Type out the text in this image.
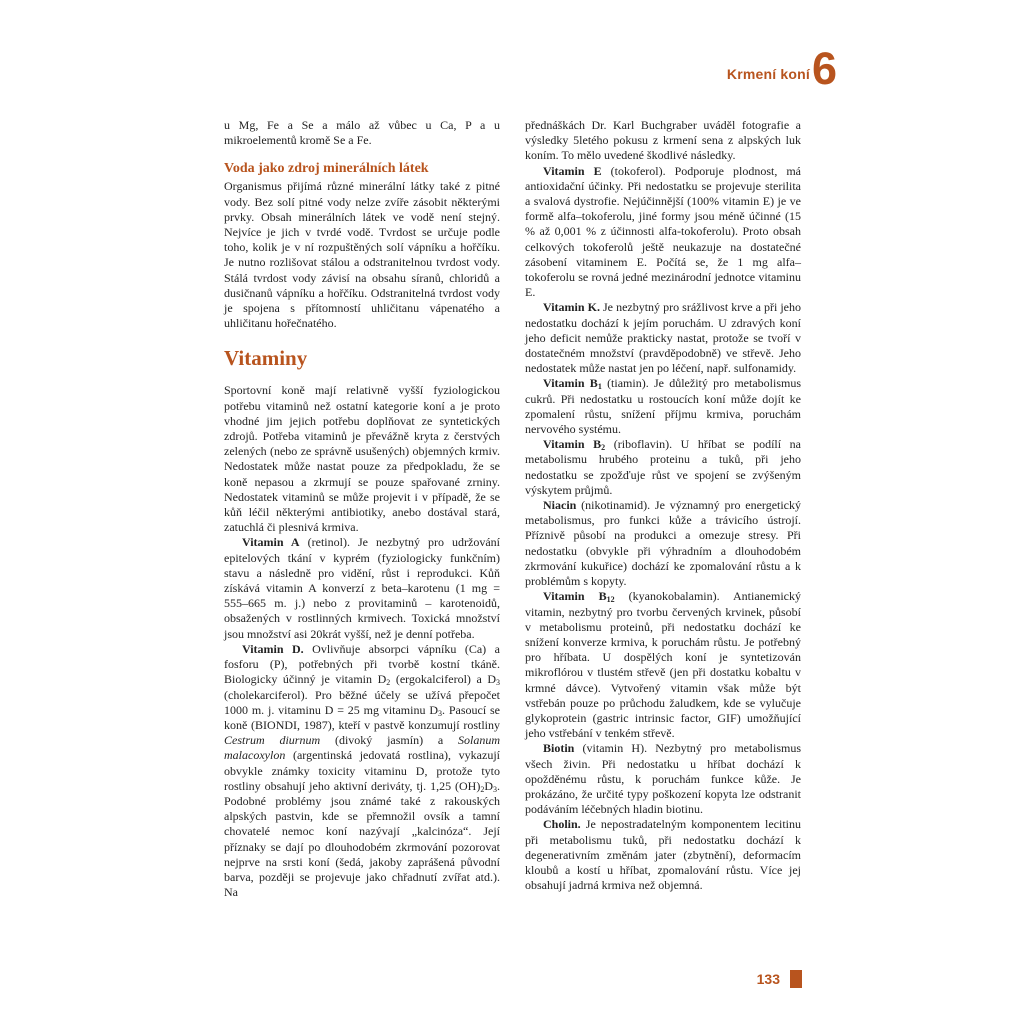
Krmení koní 6

u Mg, Fe a Se a málo až vůbec u Ca, P a u mikroelementů kromě Se a Fe.

Voda jako zdroj minerálních látek

Organismus přijímá různé minerální látky také z pitné vody. Bez solí pitné vody nelze zvíře zásobit některými prvky. Obsah minerálních látek ve vodě není stejný. Nejvíce je jich v tvrdé vodě. Tvrdost se určuje podle toho, kolik je v ní rozpuštěných solí vápníku a hořčíku. Je nutno rozlišovat stálou a odstranitelnou tvrdost vody. Stálá tvrdost vody závisí na obsahu síranů, chloridů a dusičnanů vápníku a hořčíku. Odstranitelná tvrdost vody je spojena s přítomností uhličitanu vápenatého a uhličitanu hořečnatého.

Vitaminy

Sportovní koně mají relativně vyšší fyziologickou potřebu vitaminů než ostatní kategorie koní a je proto vhodné jim jejich potřebu doplňovat ze syntetických zdrojů. Potřeba vitaminů je převážně kryta z čerstvých zelených (nebo ze správně usušených) objemných krmiv. Nedostatek může nastat pouze za předpokladu, že se koně nepasou a zkrmují se pouze spařované zrniny. Nedostatek vitaminů se může projevit i v případě, že se kůň léčil některými antibiotiky, anebo dostával stará, zatuchlá či plesnivá krmiva.

Vitamin A (retinol). Je nezbytný pro udržování epitelových tkání v kyprém (fyziologicky funkčním) stavu a následně pro vidění, růst i reprodukci. Kůň získává vitamin A konverzí z beta–karotenu (1 mg = 555–665 m. j.) nebo z provitaminů – karotenoidů, obsažených v rostlinných krmivech. Toxická množství jsou množství asi 20krát vyšší, než je denní potřeba.

Vitamin D. Ovlivňuje absorpci vápníku (Ca) a fosforu (P), potřebných při tvorbě kostní tkáně. Biologicky účinný je vitamin $D_2$ (ergokalciferol) a $D_3$ (cholekarciferol). Pro běžné účely se užívá přepočet 1000 m. j. vitaminu D = 25 mg vitaminu $D_3$. Pasoucí se koně (BIONDI, 1987), kteří v pastvě konzumují rostliny Cestrum diurnum (divoký jasmín) a Solanum malacoxylon (argentinská jedovatá rostlina), vykazují obvykle známky toxicity vitaminu D, protože tyto rostliny obsahují jeho aktivní deriváty, tj. 1,25 $(OH)_2D_3$. Podobné problémy jsou známé také z rakouských alpských pastvin, kde se přemnožil ovsík a tamní chovatelé nemoc koní nazývají „kalcinóza“. Její příznaky se dají po dlouhodobém zkrmování pozorovat nejprve na srsti koní (šedá, jakoby zaprášená původní barva, později se projevuje jako chřadnutí zvířat atd.). Na

přednáškách Dr. Karl Buchgraber uváděl fotografie a výsledky 5letého pokusu z krmení sena z alpských luk koním. To mělo uvedené škodlivé následky.

Vitamin E (tokoferol). Podporuje plodnost, má antioxidační účinky. Při nedostatku se projevuje sterilita a svalová dystrofie. Nejúčinnější (100% vitamin E) je ve formě alfa–tokoferolu, jiné formy jsou méně účinné (15 % až 0,001 % z účinnosti alfa-tokoferolu). Proto obsah celkových tokoferolů ještě neukazuje na dostatečné zásobení vitaminem E. Počítá se, že 1 mg alfa–tokoferolu se rovná jedné mezinárodní jednotce vitaminu E.

Vitamin K. Je nezbytný pro srážlivost krve a při jeho nedostatku dochází k jejím poruchám. U zdravých koní jeho deficit nemůže prakticky nastat, protože se tvoří v dostatečném množství (pravděpodobně) ve střevě. Jeho nedostatek může nastat jen po léčení, např. sulfonamidy.

Vitamin $B_1$ (tiamin). Je důležitý pro metabolismus cukrů. Při nedostatku u rostoucích koní může dojít ke zpomalení růstu, snížení příjmu krmiva, poruchám nervového systému.

Vitamin $B_2$ (riboflavin). U hříbat se podílí na metabolismu hrubého proteinu a tuků, při jeho nedostatku se zpožďuje růst ve spojení se zvýšeným výskytem průjmů.

Niacin (nikotinamid). Je významný pro energetický metabolismus, pro funkci kůže a trávicího ústrojí. Příznivě působí na produkci a omezuje stresy. Při nedostatku (obvykle při výhradním a dlouhodobém zkrmování kukuřice) dochází ke zpomalování růstu a k problémům s kopyty.

Vitamin $B_{12}$ (kyanokobalamin). Antianemický vitamin, nezbytný pro tvorbu červených krvinek, působí v metabolismu proteinů, při nedostatku dochází ke snížení konverze krmiva, k poruchám růstu. Je potřebný pro hříbata. U dospělých koní je syntetizován mikroflórou v tlustém střevě (jen při dostatku kobaltu v krmné dávce). Vytvořený vitamin však může být vstřebán pouze po průchodu žaludkem, kde se vylučuje glykoprotein (gastric intrinsic factor, GIF) umožňující jeho vstřebání v tenkém střevě.

Biotin (vitamin H). Nezbytný pro metabolismus všech živin. Při nedostatku u hříbat dochází k opožděnému růstu, k poruchám funkce kůže. Je prokázáno, že určité typy poškození kopyta lze odstranit podáváním léčebných hladin biotinu.

Cholin. Je nepostradatelným komponentem lecitinu při metabolismu tuků, při nedostatku dochází k degenerativním změnám jater (zbytnění), deformacím kloubů a kostí u hříbat, zpomalování růstu. Více jej obsahují jadrná krmiva než objemná.

133
